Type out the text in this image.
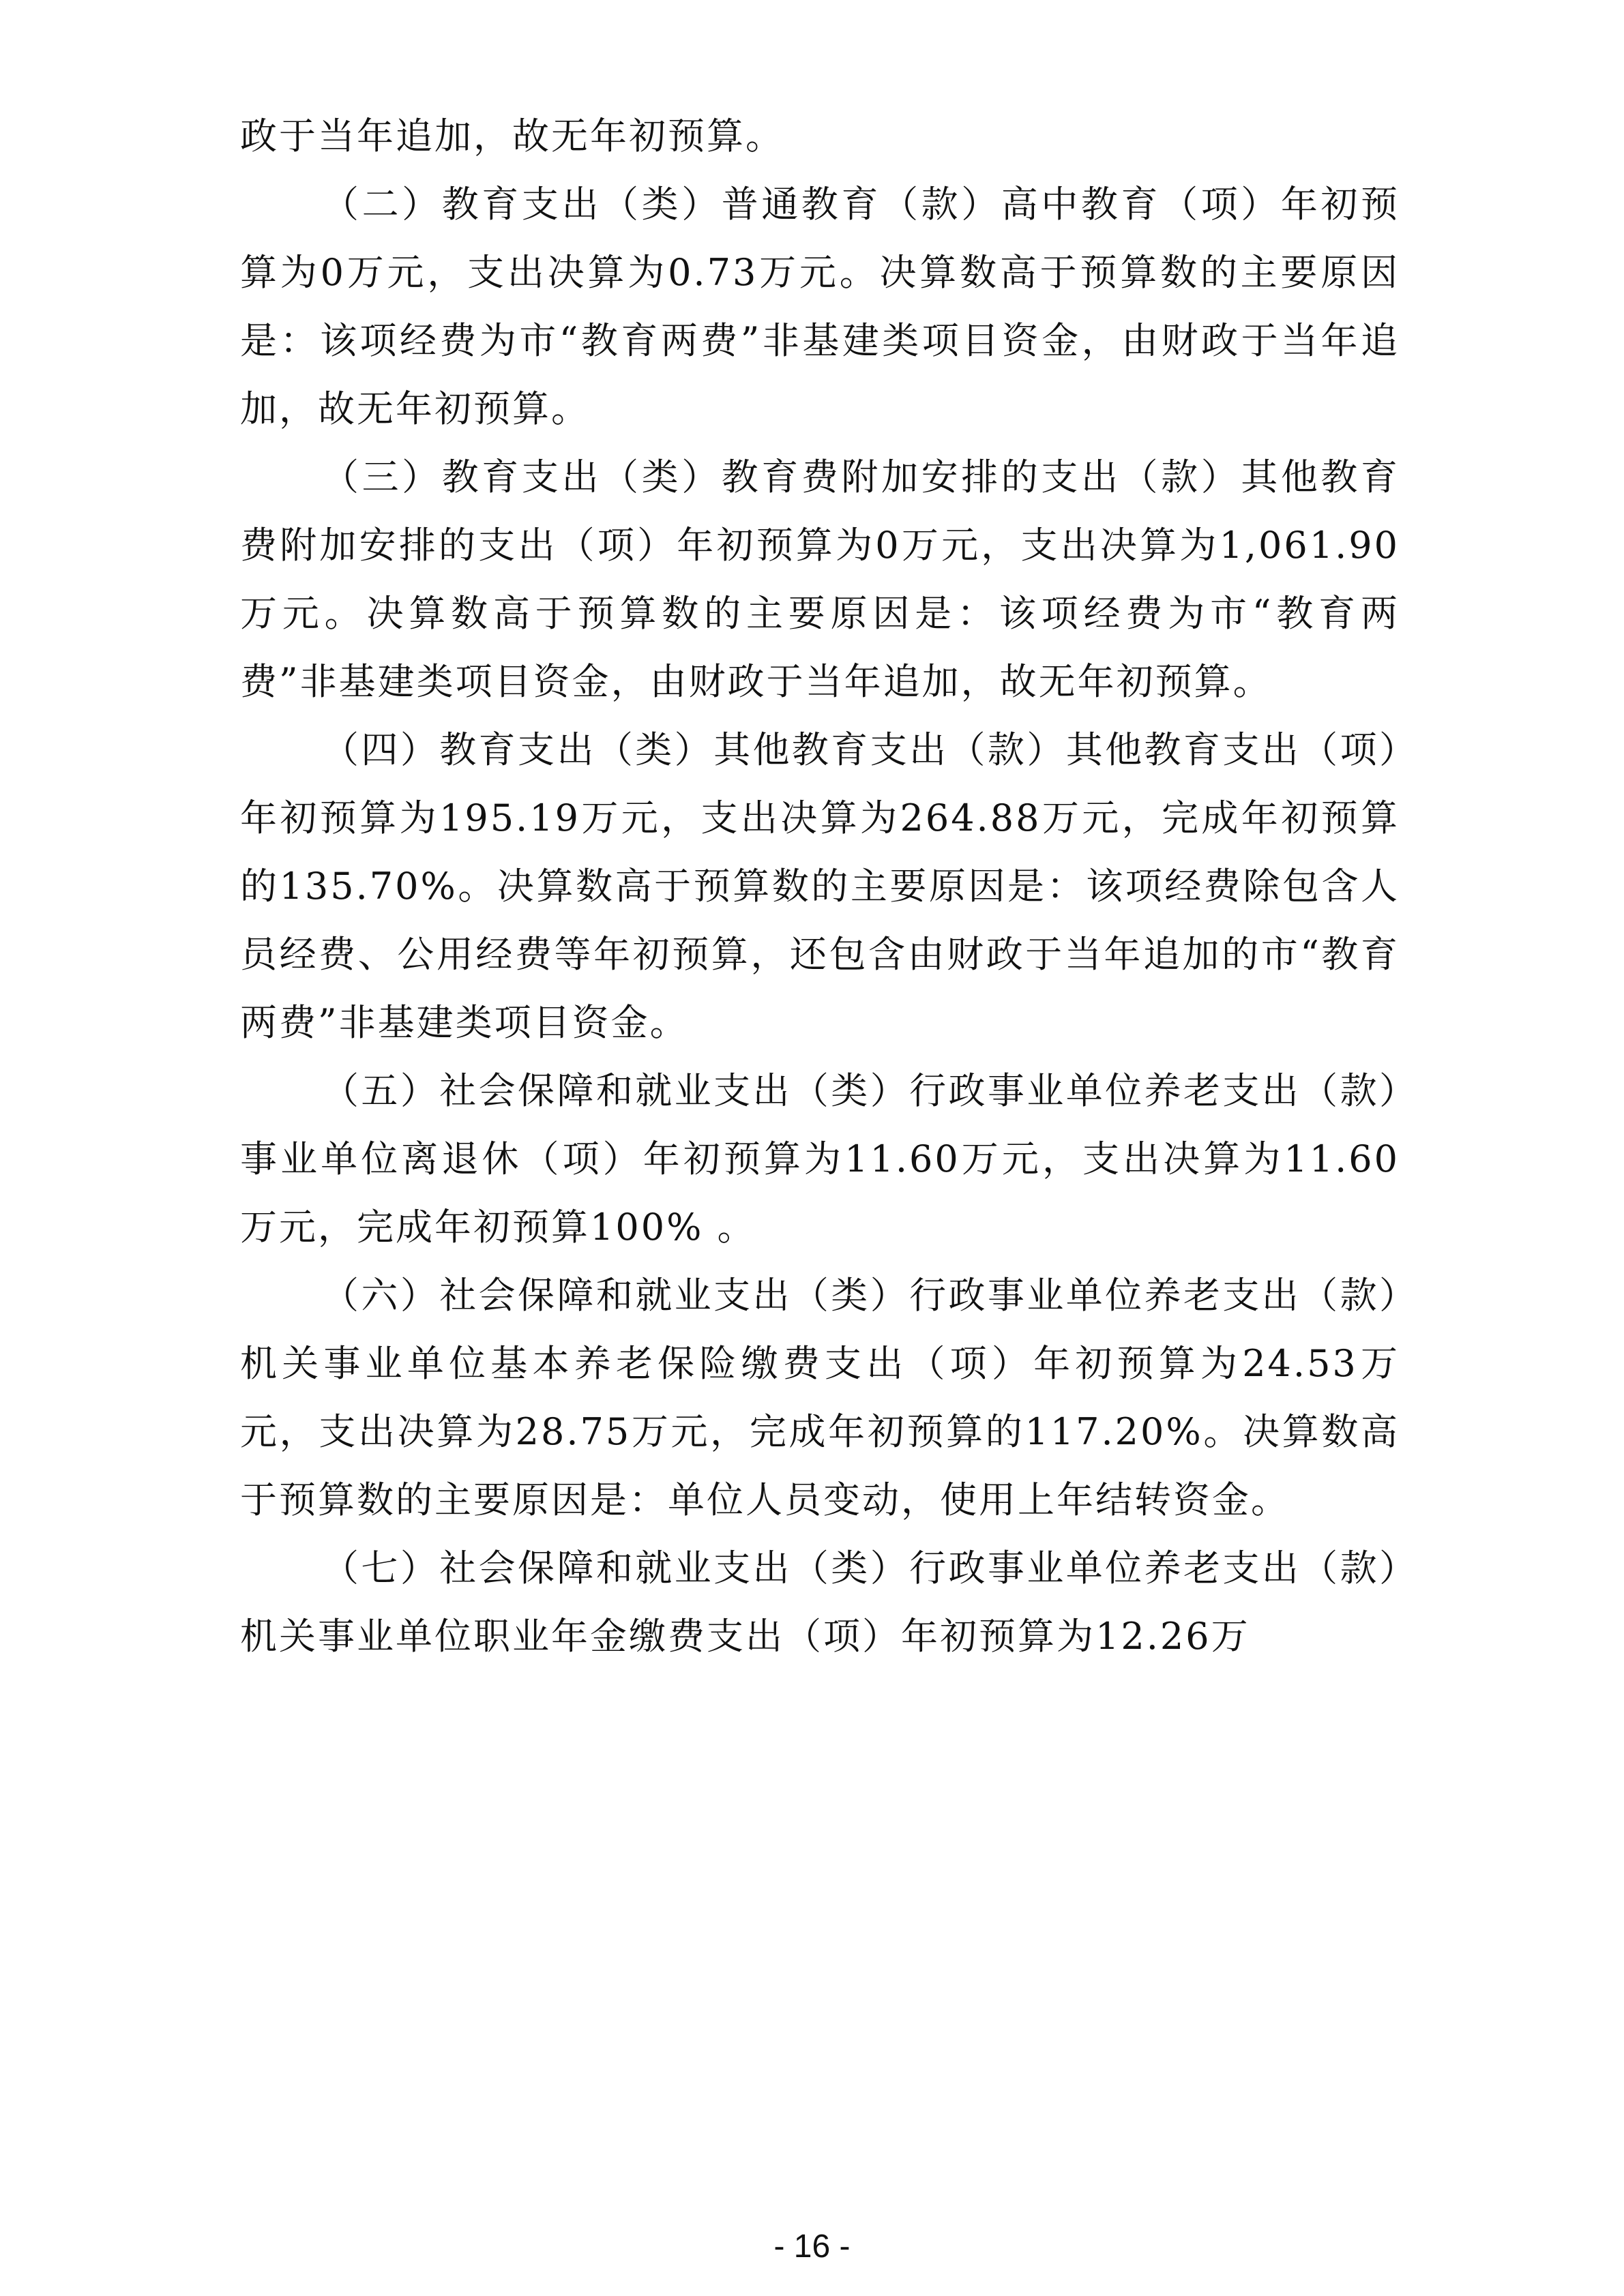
政于当年追加，故无年初预算。

（二）教育支出（类）普通教育（款）高中教育（项）年初预算为0万元，支出决算为0.73万元。决算数高于预算数的主要原因是：该项经费为市“教育两费”非基建类项目资金，由财政于当年追加，故无年初预算。

（三）教育支出（类）教育费附加安排的支出（款）其他教育费附加安排的支出（项）年初预算为0万元，支出决算为1,061.90万元。决算数高于预算数的主要原因是：该项经费为市“教育两费”非基建类项目资金，由财政于当年追加，故无年初预算。

（四）教育支出（类）其他教育支出（款）其他教育支出（项）年初预算为195.19万元，支出决算为264.88万元，完成年初预算的135.70%。决算数高于预算数的主要原因是：该项经费除包含人员经费、公用经费等年初预算，还包含由财政于当年追加的市“教育两费”非基建类项目资金。

（五）社会保障和就业支出（类）行政事业单位养老支出（款）事业单位离退休（项）年初预算为11.60万元，支出决算为11.60万元，完成年初预算100% 。

（六）社会保障和就业支出（类）行政事业单位养老支出（款）机关事业单位基本养老保险缴费支出（项）年初预算为24.53万元，支出决算为28.75万元，完成年初预算的117.20%。决算数高于预算数的主要原因是：单位人员变动，使用上年结转资金。

（七）社会保障和就业支出（类）行政事业单位养老支出（款）机关事业单位职业年金缴费支出（项）年初预算为12.26万

- 16 -
